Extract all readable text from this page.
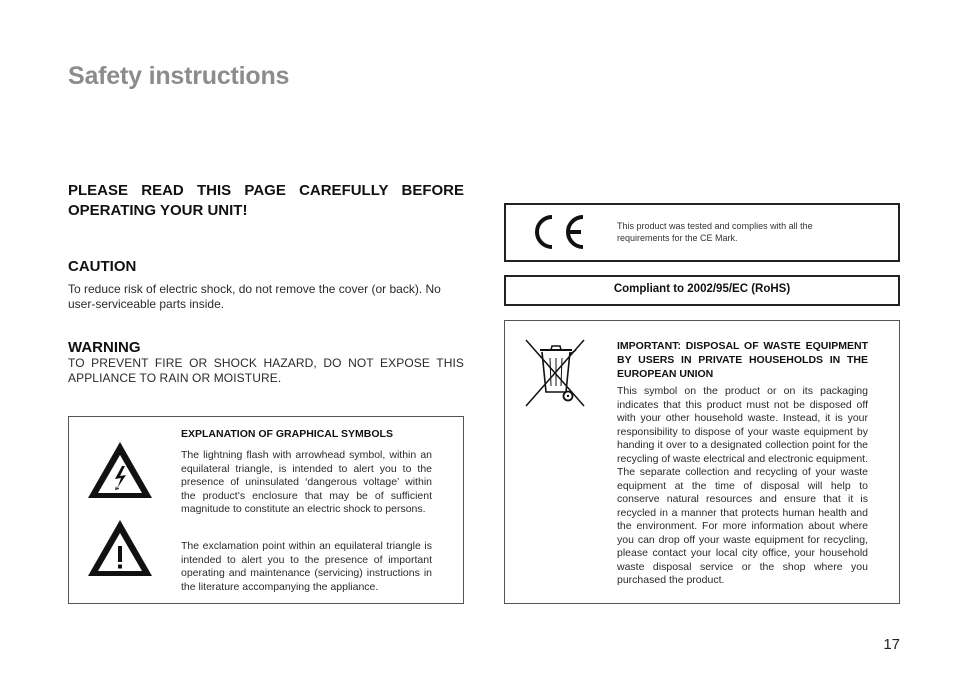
Safety instructions

PLEASE READ THIS PAGE CAREFULLY BEFORE OPERATING YOUR UNIT!

CAUTION

To reduce risk of electric shock, do not remove the cover (or back). No user-serviceable parts inside.

WARNING

TO PREVENT FIRE OR SHOCK HAZARD, DO NOT EXPOSE THIS APPLIANCE TO RAIN OR MOISTURE.

EXPLANATION OF GRAPHICAL SYMBOLS

The lightning flash with arrowhead symbol, within an equilateral triangle, is intended to alert you to the presence of uninsulated ‘dangerous voltage’ within the product’s enclosure that may be of sufficient magnitude to constitute an electric shock to persons.

The exclamation point within an equilateral triangle is intended to alert you to the presence of important operating and maintenance (servicing) instructions in the literature accompanying the appliance.

This product was tested and complies with all the requirements for the CE Mark.

Compliant to 2002/95/EC (RoHS)

IMPORTANT: DISPOSAL OF WASTE EQUIPMENT BY USERS IN PRIVATE HOUSEHOLDS IN THE EUROPEAN UNION

This symbol on the product or on its packaging indicates that this product must not be disposed off with your other household waste. Instead, it is your responsibility to dispose of your waste equipment by handing it over to a designated collection point for the recycling of waste electrical and electronic equipment. The separate collection and recycling of your waste equipment at the time of disposal will help to conserve natural resources and ensure that it is recycled in a manner that protects human health and the environment. For more information about where you can drop off your waste equipment for recycling, please contact your local city office, your household waste disposal service or the shop where you purchased the product.

17
